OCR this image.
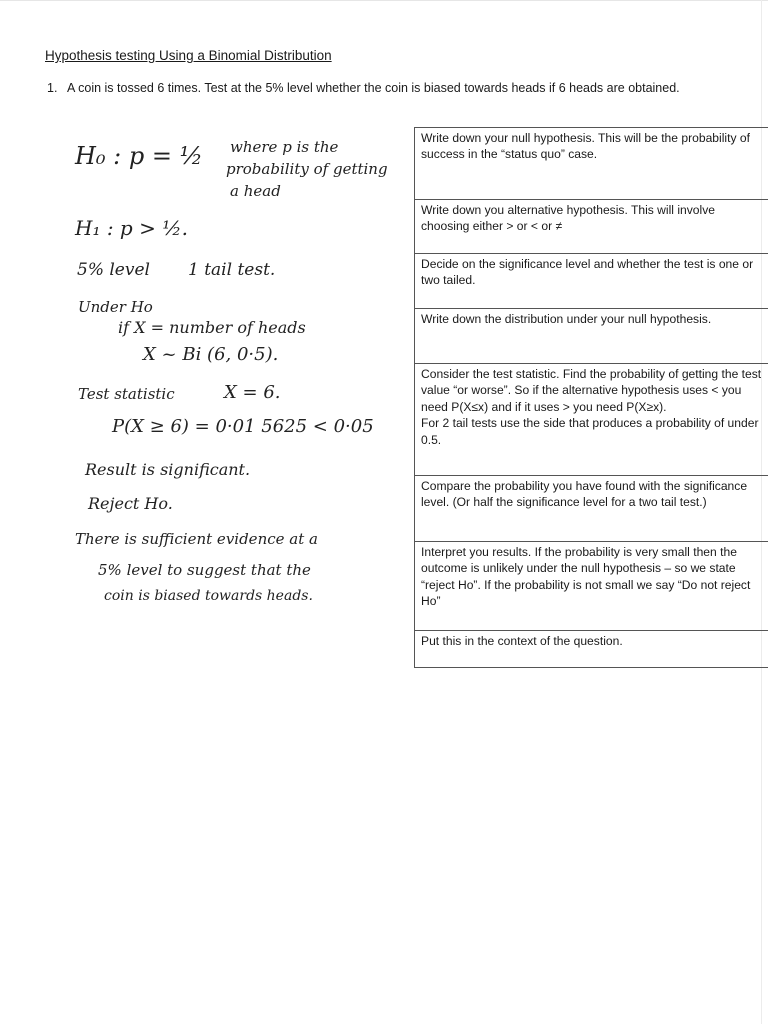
Hypothesis testing Using a Binomial Distribution
1. A coin is tossed 6 times. Test at the 5% level whether the coin is biased towards heads if 6 heads are obtained.
H₀ : p = ½ where p is the
probability of getting
a head
H₁ : p > ½.
5% level 1 tail test.
Under Ho
if X = number of heads
X ~ Bi (6, 0·5).
Test statistic	X = 6.
P(X ≥ 6) = 0·01 5625 < 0·05
Result is significant.
Reject Ho.
There is sufficient evidence at a
5% level to suggest that the
coin is biased towards heads.
Write down your null hypothesis. This will be the probability of success in the “status quo” case.
Write down you alternative hypothesis. This will involve choosing either > or < or ≠
Decide on the significance level and whether the test is one or two tailed.
Write down the distribution under your null hypothesis.
Consider the test statistic. Find the probability of getting the test value “or worse”. So if the alternative hypothesis uses < you need P(X≤x) and if it uses > you need P(X≥x).
For 2 tail tests use the side that produces a probability of under 0.5.
Compare the probability you have found with the significance level. (Or half the significance level for a two tail test.)
Interpret you results. If the probability is very small then the outcome is unlikely under the null hypothesis – so we state “reject Ho”. If the probability is not small we say “Do not reject Ho”
Put this in the context of the question.
